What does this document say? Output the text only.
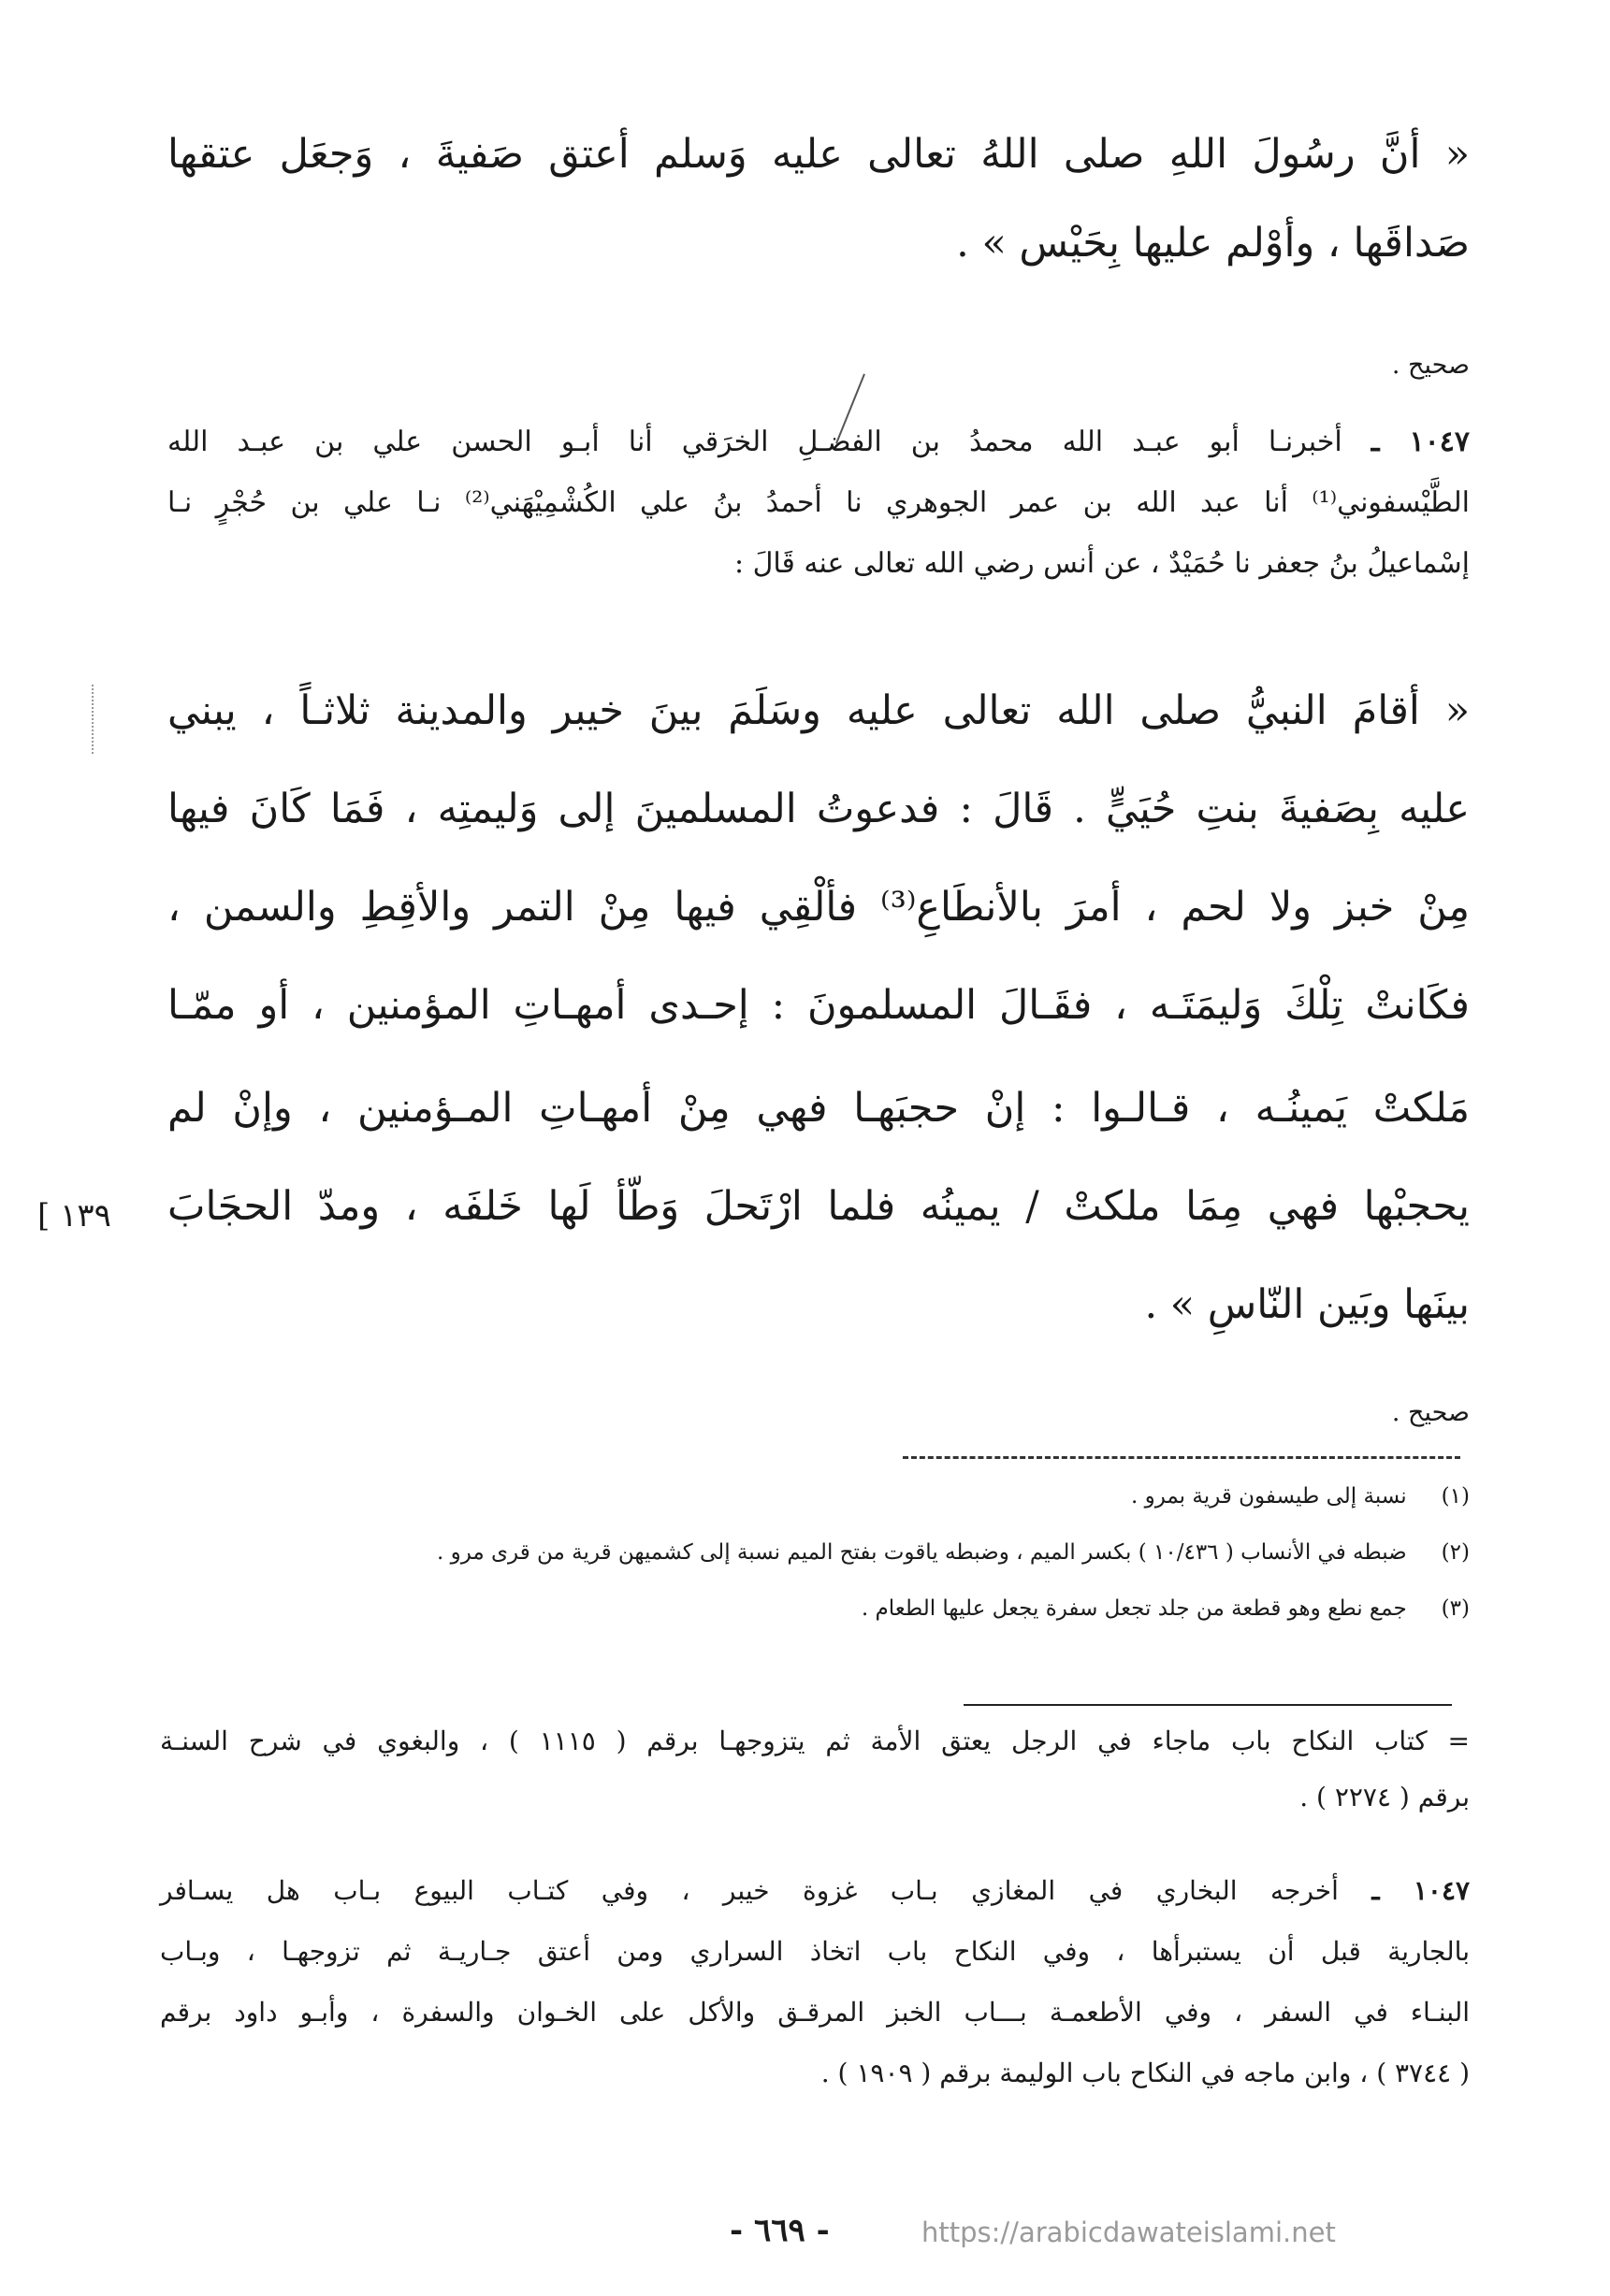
« أنَّ رسُولَ اللهِ صلى اللهُ تعالى عليه وَسلم أعتق صَفيةَ ، وَجعَل عتقها
صَداقَها ، وأوْلم عليها بِحَيْس » .
صحيح .
١٠٤٧ ـ أخبرنـا أبو عبـد الله محمدُ بن الفضـلِ الخرَقي أنا أبـو الحسن علي بن عبـد الله
الطَّيْسفوني⁽¹⁾ أنا عبد الله بن عمر الجوهري نا أحمدُ بنُ علي الكُشْمِيْهَني⁽²⁾ نـا علي بن حُجْرٍ نـا
إسْماعيلُ بنُ جعفر نا حُمَيْدٌ ، عن أنس رضي الله تعالى عنه قَالَ :
« أقامَ النبيُّ صلى الله تعالى عليه وسَلَمَ بينَ خيبر والمدينة ثلاثـاً ، يبني
عليه بِصَفيةَ بنتِ حُيَيٍّ . قَالَ : فدعوتُ المسلمينَ إلى وَليمتِه ، فَمَا كَانَ فيها
مِنْ خبز ولا لحم ، أمرَ بالأنطَاعِ⁽³⁾ فألْقِي فيها مِنْ التمر والأقِطِ والسمن ،
فكَانتْ تِلْكَ وَليمَتَـه ، فقَـالَ المسلمونَ : إحـدى أمهـاتِ المؤمنين ، أو ممّـا
مَلكتْ يَمينُـه ، قـالـوا : إنْ حجبَهـا فهي مِنْ أمهـاتِ المـؤمنين ، وإنْ لم
يحجبْها فهي مِمَا ملكتْ / يمينُه فلما ارْتَحلَ وَطّأ لَها خَلفَه ، ومدّ الحجَابَ
بينَها وبَين النّاسِ » .
[ ١٣٩
صحيح .
(١) نسبة إلى طيسفون قرية بمرو .
(٢) ضبطه في الأنساب ( ١٠/٤٣٦ ) بكسر الميم ، وضبطه ياقوت بفتح الميم نسبة إلى كشميهن قرية من قرى مرو .
(٣) جمع نطع وهو قطعة من جلد تجعل سفرة يجعل عليها الطعام .
= كتاب النكاح باب ماجاء في الرجل يعتق الأمة ثم يتزوجهـا برقم ( ١١١٥ ) ، والبغوي في شرح السنـة
برقم ( ٢٢٧٤ ) .
١٠٤٧ ـ أخرجه البخاري في المغازي بـاب غزوة خيبر ، وفي كتـاب البيوع بـاب هل يسـافر
بالجارية قبل أن يستبرأها ، وفي النكاح باب اتخاذ السراري ومن أعتق جـاريـة ثم تزوجهـا ، وبـاب
البنـاء في السفر ، وفي الأطعمـة بـــاب الخبز المرقـق والأكل على الخـوان والسفرة ، وأبـو داود برقم
( ٣٧٤٤ ) ، وابن ماجه في النكاح باب الوليمة برقم ( ١٩٠٩ ) .
- ٦٦٩ -	https://arabicdawateislami.net
